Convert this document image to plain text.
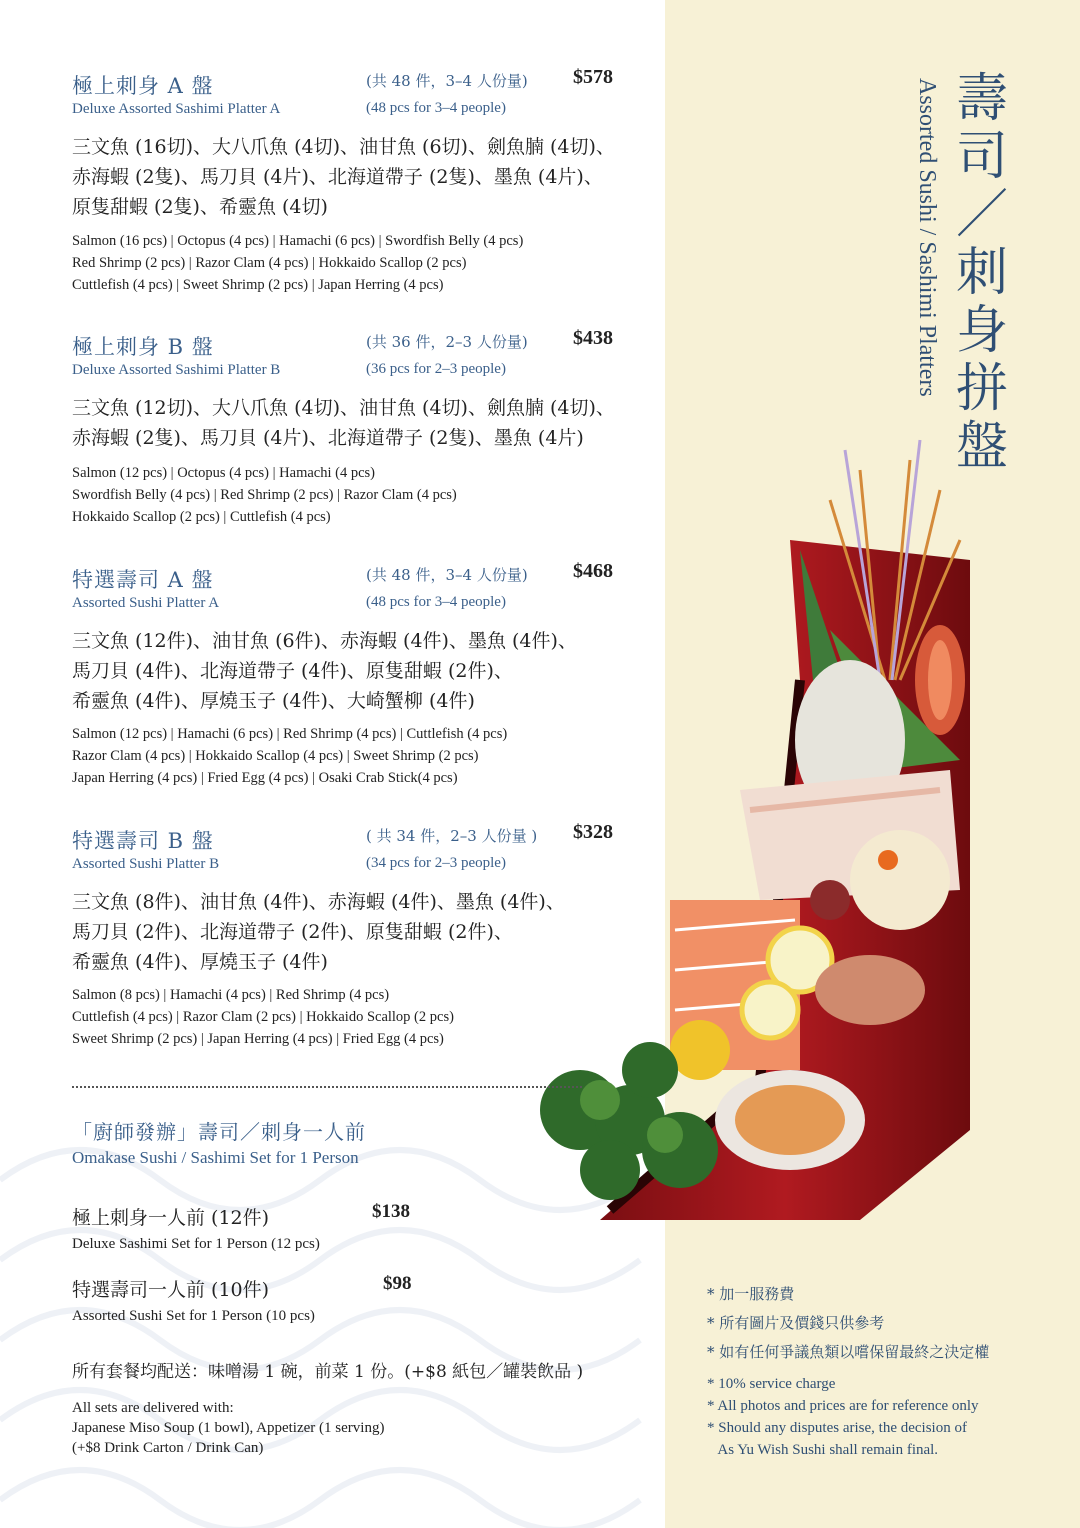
壽司／刺身拼盤
Assorted Sushi / Sashimi Platters
極上刺身 A 盤
Deluxe Assorted Sashimi Platter A
(共 48 件，3–4 人份量)
(48 pcs for 3–4 people)
$578
三文魚 (16切)、大八爪魚 (4切)、油甘魚 (6切)、劍魚腩 (4切)、
赤海蝦 (2隻)、馬刀貝 (4片)、北海道帶子 (2隻)、墨魚 (4片)、
原隻甜蝦 (2隻)、希靈魚 (4切)
Salmon (16 pcs) | Octopus (4 pcs) | Hamachi (6 pcs) | Swordfish Belly (4 pcs)
Red Shrimp (2 pcs) | Razor Clam (4 pcs) | Hokkaido Scallop (2 pcs)
Cuttlefish (4 pcs) | Sweet Shrimp (2 pcs) | Japan Herring (4 pcs)
極上刺身 B 盤
Deluxe Assorted Sashimi Platter B
(共 36 件，2–3 人份量)
(36 pcs for 2–3 people)
$438
三文魚 (12切)、大八爪魚 (4切)、油甘魚 (4切)、劍魚腩 (4切)、
赤海蝦 (2隻)、馬刀貝 (4片)、北海道帶子 (2隻)、墨魚 (4片)
Salmon (12 pcs) | Octopus (4 pcs) | Hamachi (4 pcs)
Swordfish Belly (4 pcs) | Red Shrimp (2 pcs) | Razor Clam (4 pcs)
Hokkaido Scallop (2 pcs) | Cuttlefish (4 pcs)
特選壽司 A 盤
Assorted Sushi Platter A
(共 48 件，3–4 人份量)
(48 pcs for 3–4 people)
$468
三文魚 (12件)、油甘魚 (6件)、赤海蝦 (4件)、墨魚 (4件)、
馬刀貝 (4件)、北海道帶子 (4件)、原隻甜蝦 (2件)、
希靈魚 (4件)、厚燒玉子 (4件)、大崎蟹柳 (4件)
Salmon (12 pcs) | Hamachi (6 pcs) | Red Shrimp (4 pcs) | Cuttlefish (4 pcs)
Razor Clam (4 pcs) | Hokkaido Scallop (4 pcs) | Sweet Shrimp (2 pcs)
Japan Herring (4 pcs) | Fried Egg (4 pcs) | Osaki Crab Stick(4 pcs)
特選壽司 B 盤
Assorted Sushi Platter B
( 共 34 件，2–3 人份量 )
(34 pcs for 2–3 people)
$328
三文魚 (8件)、油甘魚 (4件)、赤海蝦 (4件)、墨魚 (4件)、
馬刀貝 (2件)、北海道帶子 (2件)、原隻甜蝦 (2件)、
希靈魚 (4件)、厚燒玉子 (4件)
Salmon (8 pcs) | Hamachi (4 pcs) | Red Shrimp (4 pcs)
Cuttlefish (4 pcs) | Razor Clam (2 pcs) | Hokkaido Scallop (2 pcs)
Sweet Shrimp (2 pcs) | Japan Herring (4 pcs) | Fried Egg (4 pcs)
「廚師發辦」壽司／刺身一人前
Omakase Sushi / Sashimi Set for 1 Person
極上刺身一人前 (12件)
Deluxe Sashimi Set for 1 Person (12 pcs)
$138
特選壽司一人前 (10件)
Assorted Sushi Set for 1 Person (10 pcs)
$98
所有套餐均配送：味噌湯 1 碗，前菜 1 份。(+$8 紙包／罐裝飲品 )
All sets are delivered with:
Japanese Miso Soup (1 bowl), Appetizer (1 serving)
(+$8 Drink Carton / Drink Can)
* 加一服務費
* 所有圖片及價錢只供參考
* 如有任何爭議魚類以嚐保留最終之決定權
* 10% service charge
* All photos and prices are for reference only
* Should any disputes arise, the decision of
As Yu Wish Sushi shall remain final.
